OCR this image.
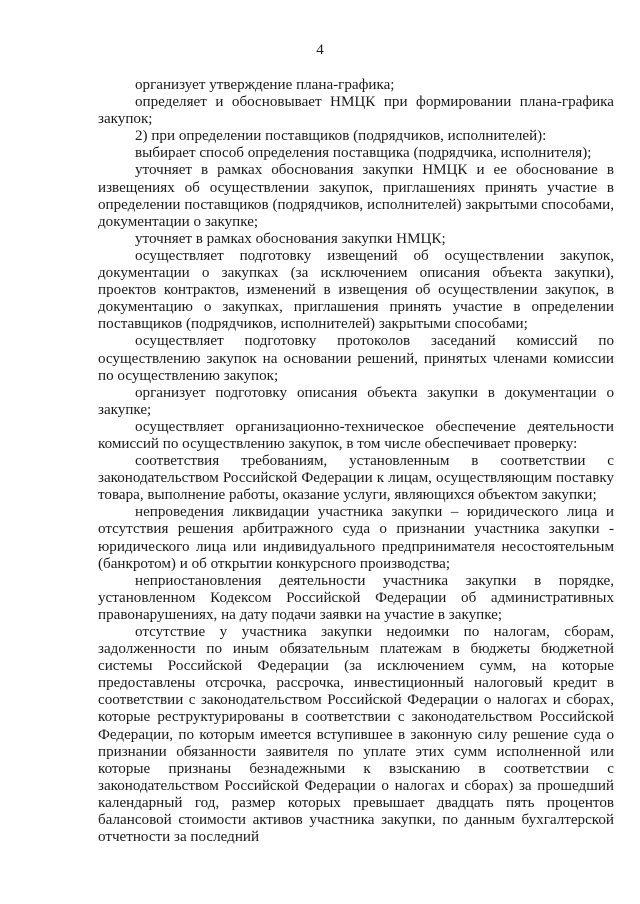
4

организует утверждение плана-графика;

определяет и обосновывает НМЦК при формировании плана-графика закупок;

2) при определении поставщиков (подрядчиков, исполнителей):

выбирает способ определения поставщика (подрядчика, исполнителя);

уточняет в рамках обоснования закупки НМЦК и ее обоснование в извещениях об осуществлении закупок, приглашениях принять участие в определении поставщиков (подрядчиков, исполнителей) закрытыми способами, документации о закупке;

уточняет в рамках обоснования закупки НМЦК;

осуществляет подготовку извещений об осуществлении закупок, документации о закупках (за исключением описания объекта закупки), проектов контрактов, изменений в извещения об осуществлении закупок, в документацию о закупках, приглашения принять участие в определении поставщиков (подрядчиков, исполнителей) закрытыми способами;

осуществляет подготовку протоколов заседаний комиссий по осуществлению закупок на основании решений, принятых членами комиссии по осуществлению закупок;

организует подготовку описания объекта закупки в документации о закупке;

осуществляет организационно-техническое обеспечение деятельности комиссий по осуществлению закупок, в том числе обеспечивает проверку:

соответствия требованиям, установленным в соответствии с законодательством Российской Федерации к лицам, осуществляющим поставку товара, выполнение работы, оказание услуги, являющихся объектом закупки;

непроведения ликвидации участника закупки – юридического лица и отсутствия решения арбитражного суда о признании участника закупки - юридического лица или индивидуального предпринимателя несостоятельным (банкротом) и об открытии конкурсного производства;

неприостановления деятельности участника закупки в порядке, установленном Кодексом Российской Федерации об административных правонарушениях, на дату подачи заявки на участие в закупке;

отсутствие у участника закупки недоимки по налогам, сборам, задолженности по иным обязательным платежам в бюджеты бюджетной системы Российской Федерации (за исключением сумм, на которые предоставлены отсрочка, рассрочка, инвестиционный налоговый кредит в соответствии с законодательством Российской Федерации о налогах и сборах, которые реструктурированы в соответствии с законодательством Российской Федерации, по которым имеется вступившее в законную силу решение суда о признании обязанности заявителя по уплате этих сумм исполненной или которые признаны безнадежными к взысканию в соответствии с законодательством Российской Федерации о налогах и сборах) за прошедший календарный год, размер которых превышает двадцать пять процентов балансовой стоимости активов участника закупки, по данным бухгалтерской отчетности за последний
